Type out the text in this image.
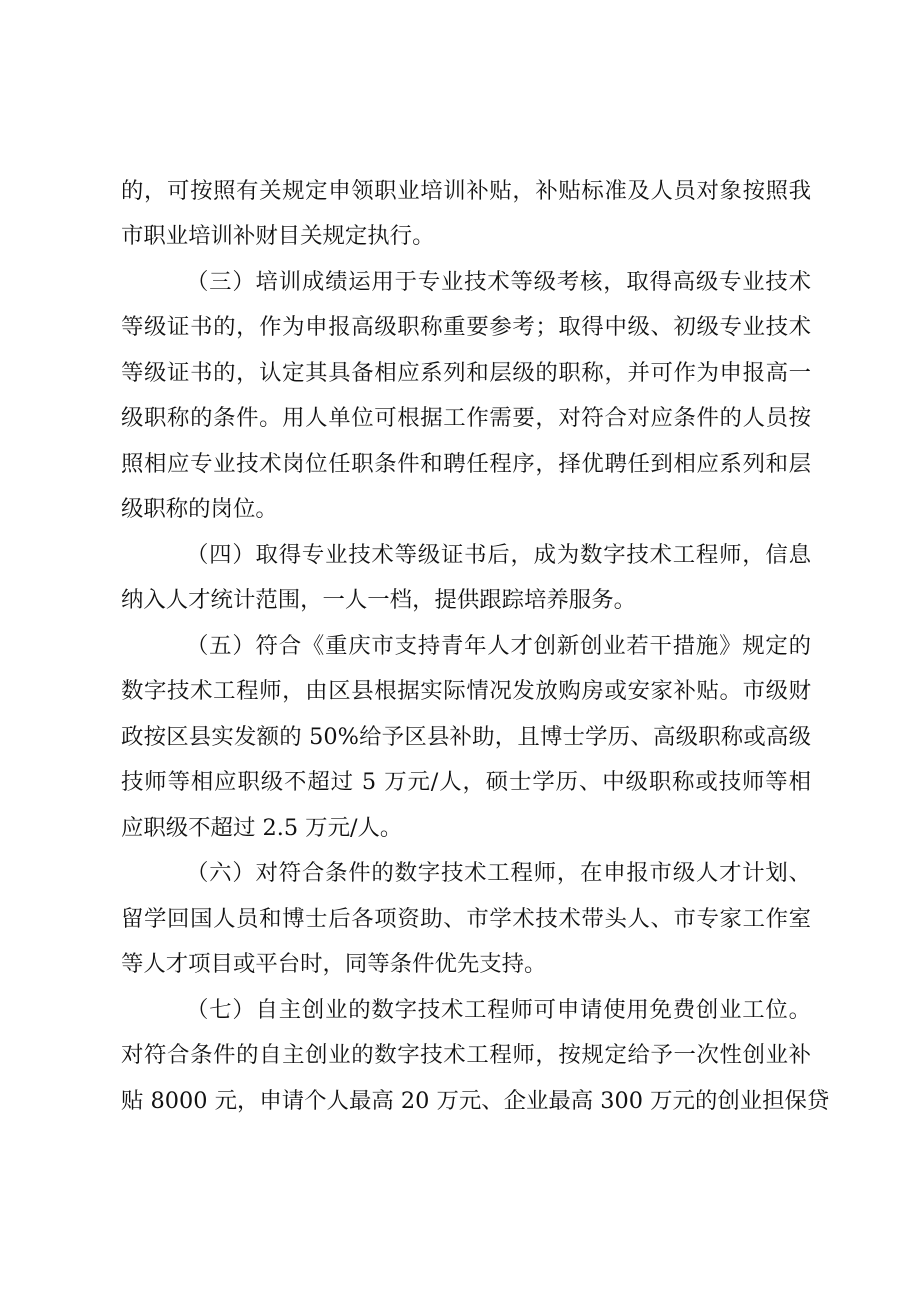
的，可按照有关规定申领职业培训补贴，补贴标准及人员对象按照我
市职业培训补财目关规定执行。
（三）培训成绩运用于专业技术等级考核，取得高级专业技术
等级证书的，作为申报高级职称重要参考；取得中级、初级专业技术
等级证书的，认定其具备相应系列和层级的职称，并可作为申报高一
级职称的条件。用人单位可根据工作需要，对符合对应条件的人员按
照相应专业技术岗位任职条件和聘任程序，择优聘任到相应系列和层
级职称的岗位。
（四）取得专业技术等级证书后，成为数字技术工程师，信息
纳入人才统计范围，一人一档，提供跟踪培养服务。
（五）符合《重庆市支持青年人才创新创业若干措施》规定的
数字技术工程师，由区县根据实际情况发放购房或安家补贴。市级财
政按区县实发额的 50%给予区县补助，且博士学历、高级职称或高级
技师等相应职级不超过 5 万元/人，硕士学历、中级职称或技师等相
应职级不超过 2.5 万元/人。
（六）对符合条件的数字技术工程师，在申报市级人才计划、
留学回国人员和博士后各项资助、市学术技术带头人、市专家工作室
等人才项目或平台时，同等条件优先支持。
（七）自主创业的数字技术工程师可申请使用免费创业工位。
对符合条件的自主创业的数字技术工程师，按规定给予一次性创业补
贴 8000 元，申请个人最高 20 万元、企业最高 300 万元的创业担保贷
